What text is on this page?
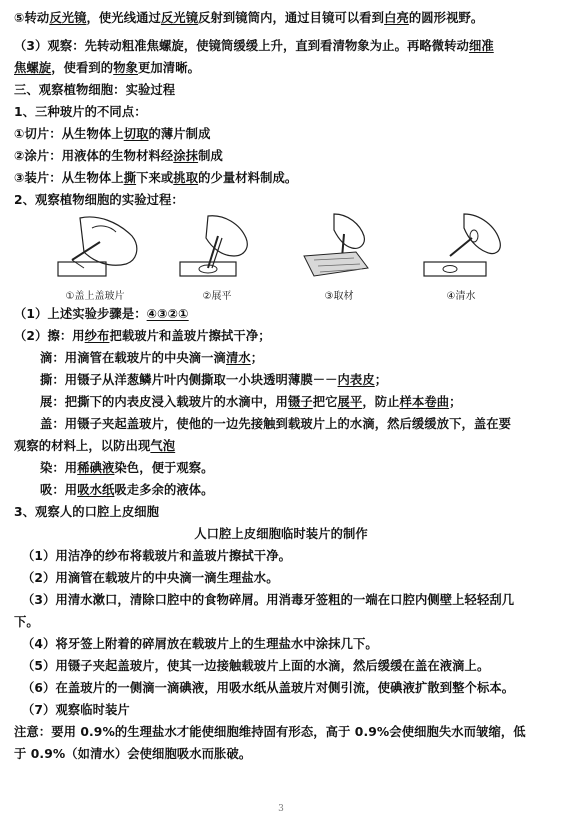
⑤转动反光镜，使光线通过反光镜反射到镜筒内，通过目镜可以看到白亮的圆形视野。
（3）观察：先转动粗准焦螺旋，使镜筒缓缓上升，直到看清物象为止。再略微转动细准
焦螺旋，使看到的物象更加清晰。
三、观察植物细胞：实验过程
1、三种玻片的不同点：
①切片：从生物体上切取的薄片制成
②涂片：用液体的生物材料经涂抹制成
③装片：从生物体上撕下来或挑取的少量材料制成。
2、观察植物细胞的实验过程：
①盖上盖玻片	②展平	③取材	④清水
（1）上述实验步骤是：④③②①
（2）擦：用纱布把载玻片和盖玻片擦拭干净；
滴：用滴管在载玻片的中央滴一滴清水；
撕：用镊子从洋葱鳞片叶内侧撕取一小块透明薄膜－－内表皮；
展：把撕下的内表皮浸入载玻片的水滴中，用镊子把它展平，防止样本卷曲；
盖：用镊子夹起盖玻片，使他的一边先接触到载玻片上的水滴，然后缓缓放下，盖在要
观察的材料上，以防出现气泡
染：用稀碘液染色，便于观察。
吸：用吸水纸吸走多余的液体。
3、观察人的口腔上皮细胞
人口腔上皮细胞临时装片的制作
（1）用洁净的纱布将载玻片和盖玻片擦拭干净。
（2）用滴管在载玻片的中央滴一滴生理盐水。
（3）用清水漱口，清除口腔中的食物碎屑。用消毒牙签粗的一端在口腔内侧壁上轻轻刮几
下。
（4）将牙签上附着的碎屑放在载玻片上的生理盐水中涂抹几下。
（5）用镊子夹起盖玻片，使其一边接触载玻片上面的水滴，然后缓缓在盖在液滴上。
（6）在盖玻片的一侧滴一滴碘液，用吸水纸从盖玻片对侧引流，使碘液扩散到整个标本。
（7）观察临时装片
注意：要用 0.9%的生理盐水才能使细胞维持固有形态，高于 0.9%会使细胞失水而皱缩，低
于 0.9%（如清水）会使细胞吸水而胀破。
3
